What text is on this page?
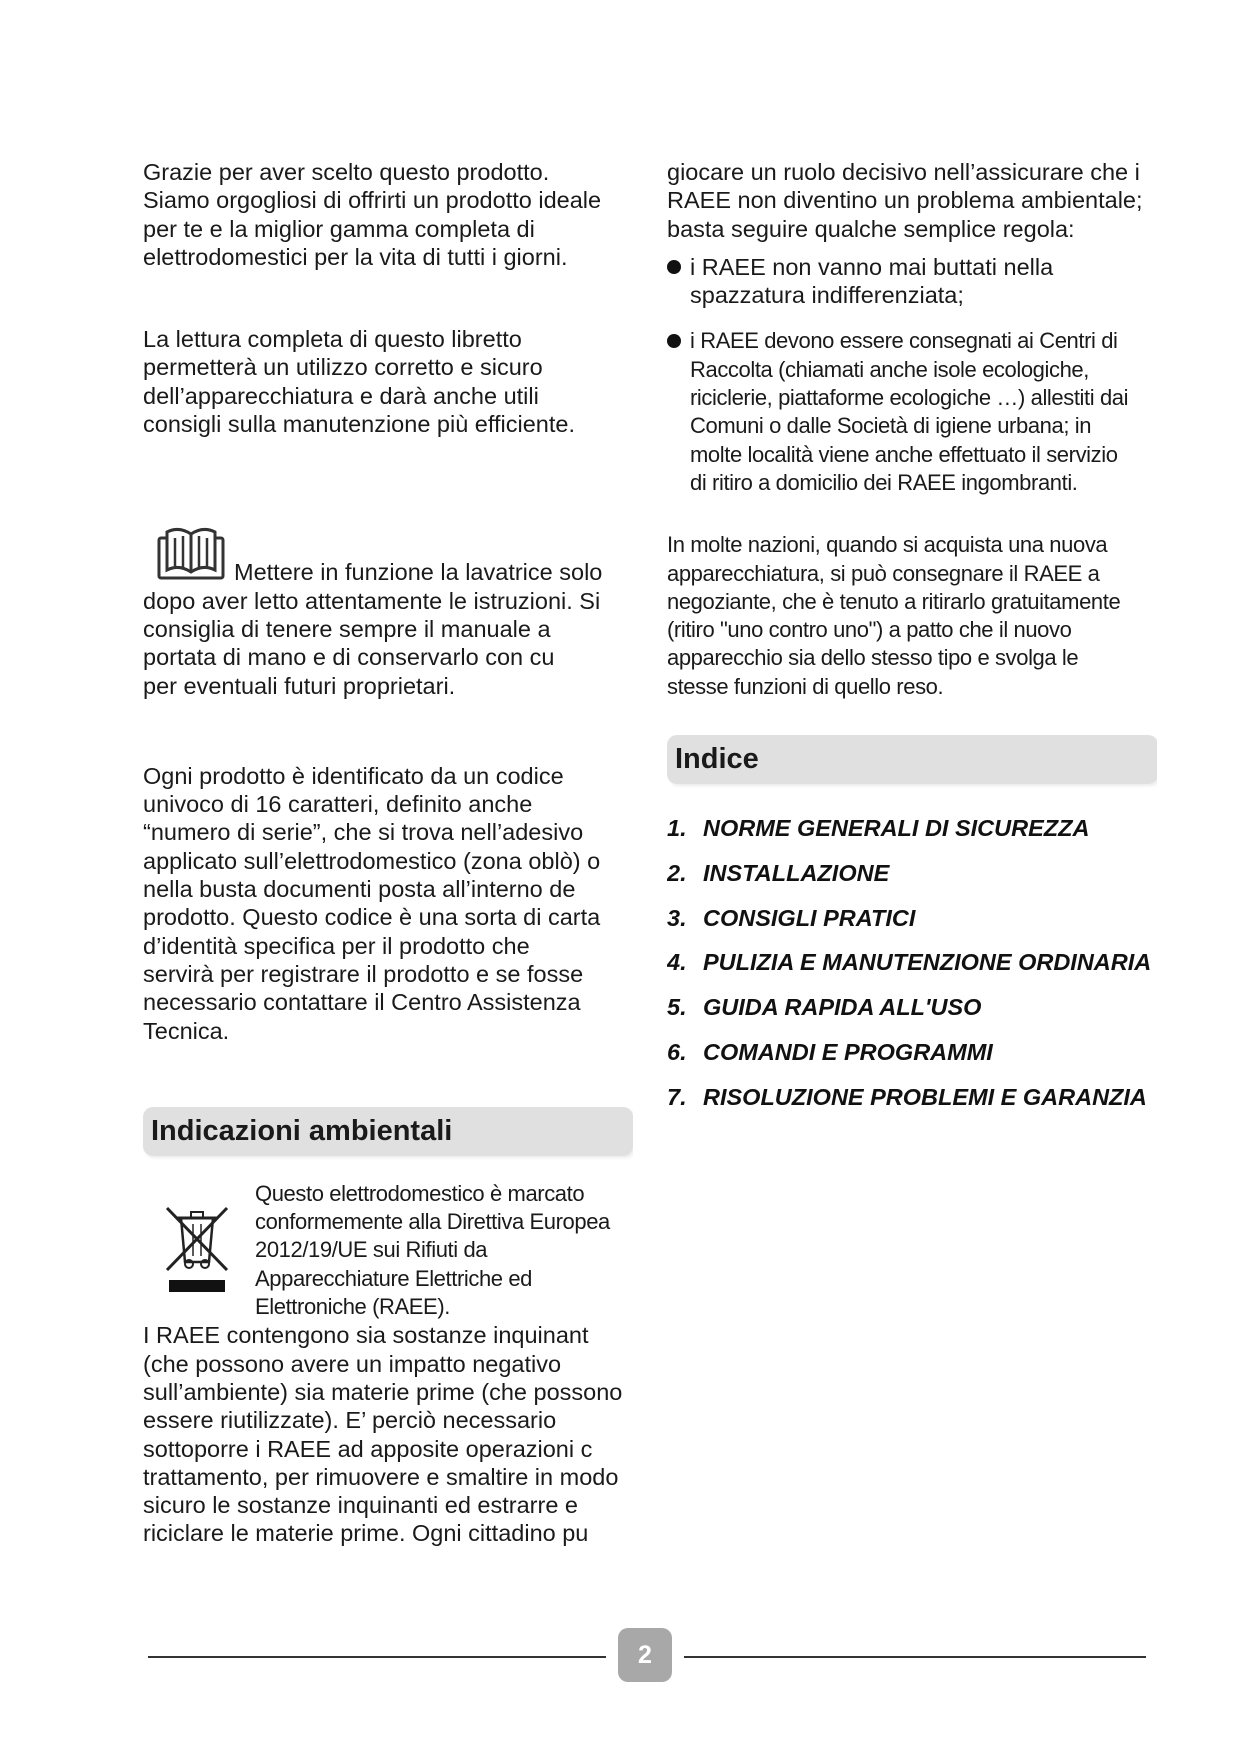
Grazie per aver scelto questo prodotto.
Siamo orgogliosi di offrirti un prodotto ideale
per te e la miglior gamma completa di
elettrodomestici per la vita di tutti i giorni.

La lettura completa di questo libretto
permetterà un utilizzo corretto e sicuro
dell’apparecchiatura e darà anche utili
consigli sulla manutenzione più efficiente.

Mettere in funzione la lavatrice solo

dopo aver letto attentamente le istruzioni. Si
consiglia di tenere sempre il manuale a
portata di mano e di conservarlo con cu
per eventuali futuri proprietari.

Ogni prodotto è identificato da un codice
univoco di 16 caratteri, definito anche
“numero di serie”, che si trova nell’adesivo
applicato sull’elettrodomestico (zona oblò) o
nella busta documenti posta all’interno de
prodotto. Questo codice è una sorta di carta
d’identità specifica per il prodotto che
servirà per registrare il prodotto e se fosse
necessario contattare il Centro Assistenza
Tecnica.

Indicazioni ambientali

Questo elettrodomestico è marcato
conformemente alla Direttiva Europea
2012/19/UE sui Rifiuti da
Apparecchiature Elettriche ed
Elettroniche (RAEE).

I RAEE contengono sia sostanze inquinant
(che possono avere un impatto negativo
sull’ambiente) sia materie prime (che possono
essere riutilizzate). E’ perciò necessario
sottoporre i RAEE ad apposite operazioni c
trattamento, per rimuovere e smaltire in modo
sicuro le sostanze inquinanti ed estrarre e
riciclare le materie prime. Ogni cittadino pu

giocare un ruolo decisivo nell’assicurare che i
RAEE non diventino un problema ambientale;
basta seguire qualche semplice regola:

i RAEE non vanno mai buttati nella
spazzatura indifferenziata;

i RAEE devono essere consegnati ai Centri di
Raccolta (chiamati anche isole ecologiche,
riciclerie, piattaforme ecologiche …) allestiti dai
Comuni o dalle Società di igiene urbana; in
molte località viene anche effettuato il servizio
di ritiro a domicilio dei RAEE ingombranti.

In molte nazioni, quando si acquista una nuova
apparecchiatura, si può consegnare il RAEE a
negoziante, che è tenuto a ritirarlo gratuitamente
(ritiro "uno contro uno") a patto che il nuovo
apparecchio sia dello stesso tipo e svolga le
stesse funzioni di quello reso.

Indice
1. NORME GENERALI DI SICUREZZA
2. INSTALLAZIONE
3. CONSIGLI PRATICI
4. PULIZIA E MANUTENZIONE ORDINARIA
5. GUIDA RAPIDA ALL'USO
6. COMANDI E PROGRAMMI
7. RISOLUZIONE PROBLEMI E GARANZIA
2
